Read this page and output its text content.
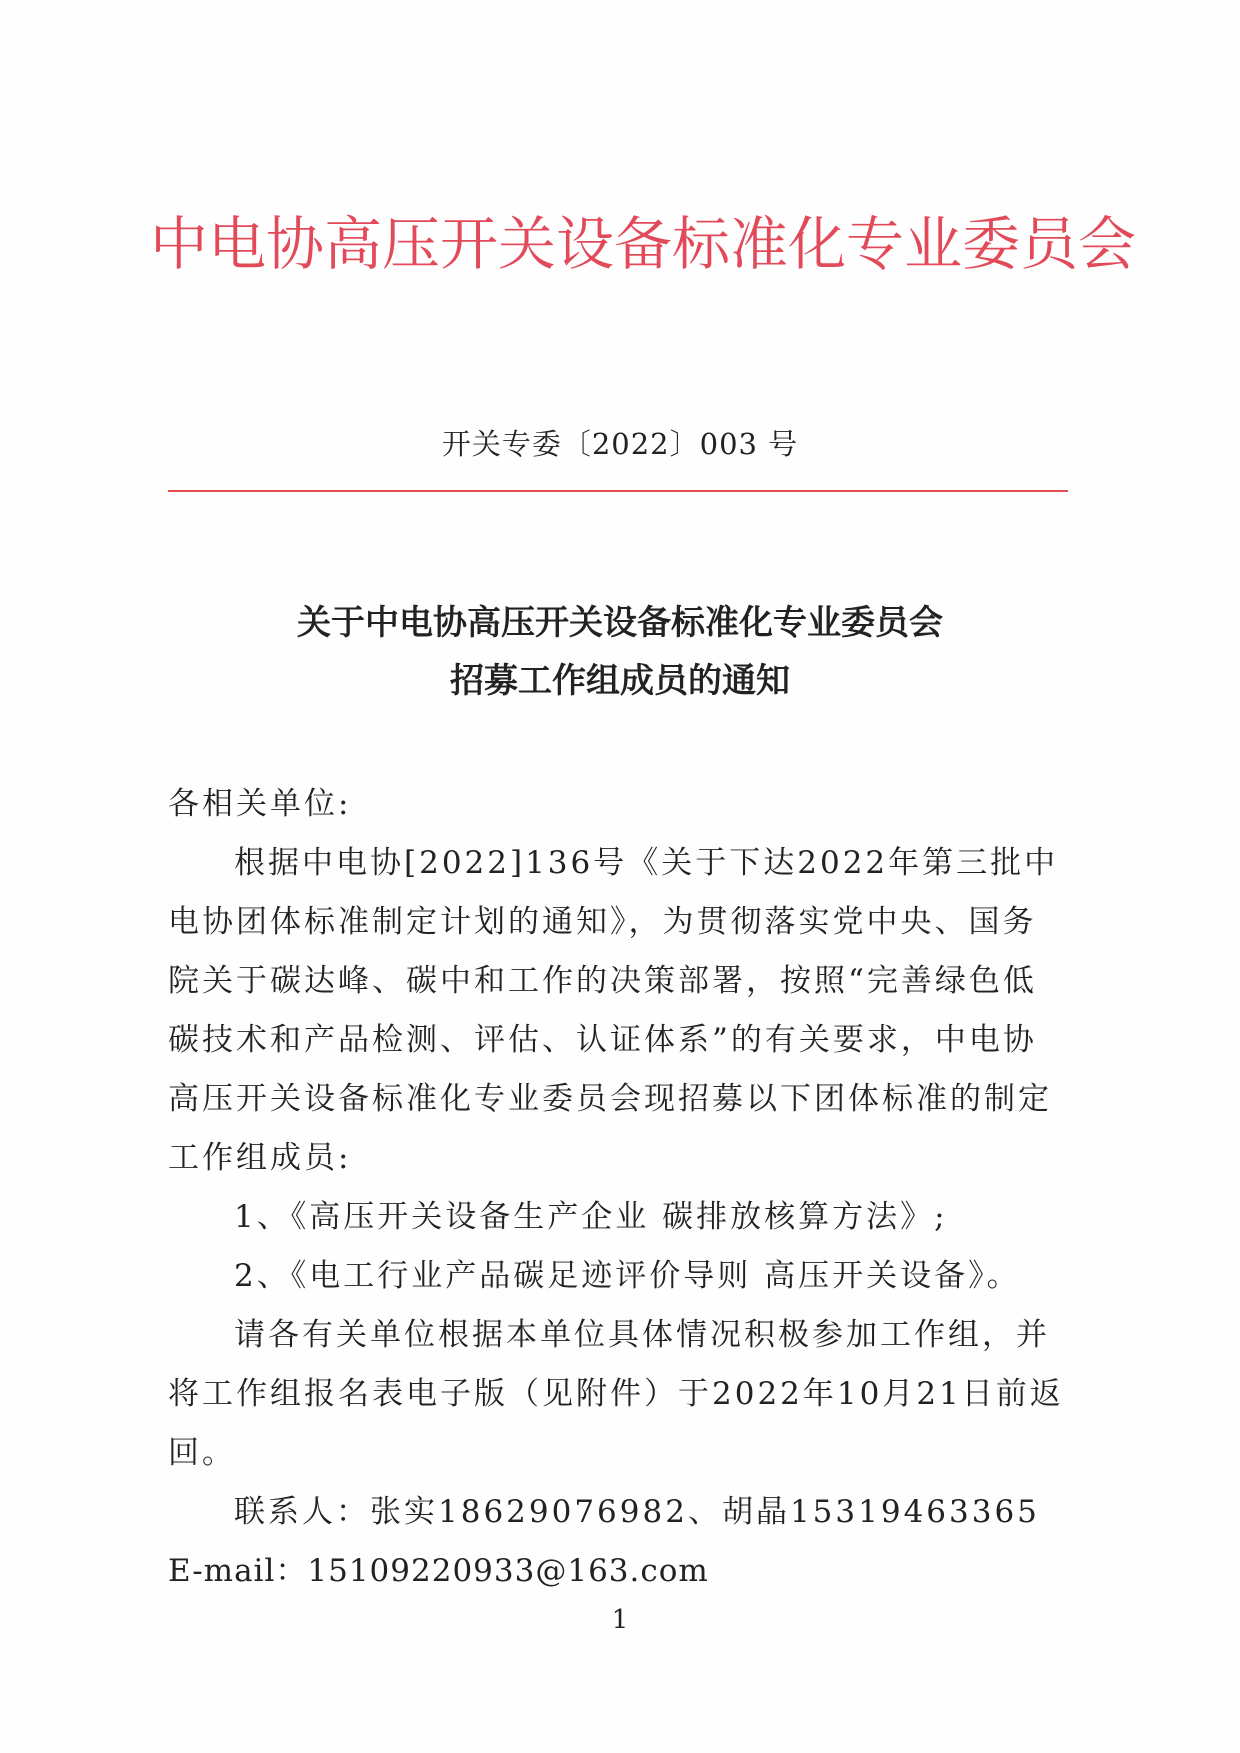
中电协高压开关设备标准化专业委员会
开关专委〔2022〕003 号
关于中电协高压开关设备标准化专业委员会
招募工作组成员的通知

各相关单位:

根据中电协[2022]136号《关于下达2022年第三批中电协团体标准制定计划的通知》，为贯彻落实党中央、国务院关于碳达峰、碳中和工作的决策部署，按照“完善绿色低碳技术和产品检测、评估、认证体系”的有关要求，中电协高压开关设备标准化专业委员会现招募以下团体标准的制定工作组成员:

1、《高压开关设备生产企业 碳排放核算方法》;

2、《电工行业产品碳足迹评价导则 高压开关设备》。

请各有关单位根据本单位具体情况积极参加工作组，并将工作组报名表电子版（见附件）于2022年10月21日前返回。

联系人：张实18629076982、胡晶15319463365

E-mail：15109220933@163.com

1
